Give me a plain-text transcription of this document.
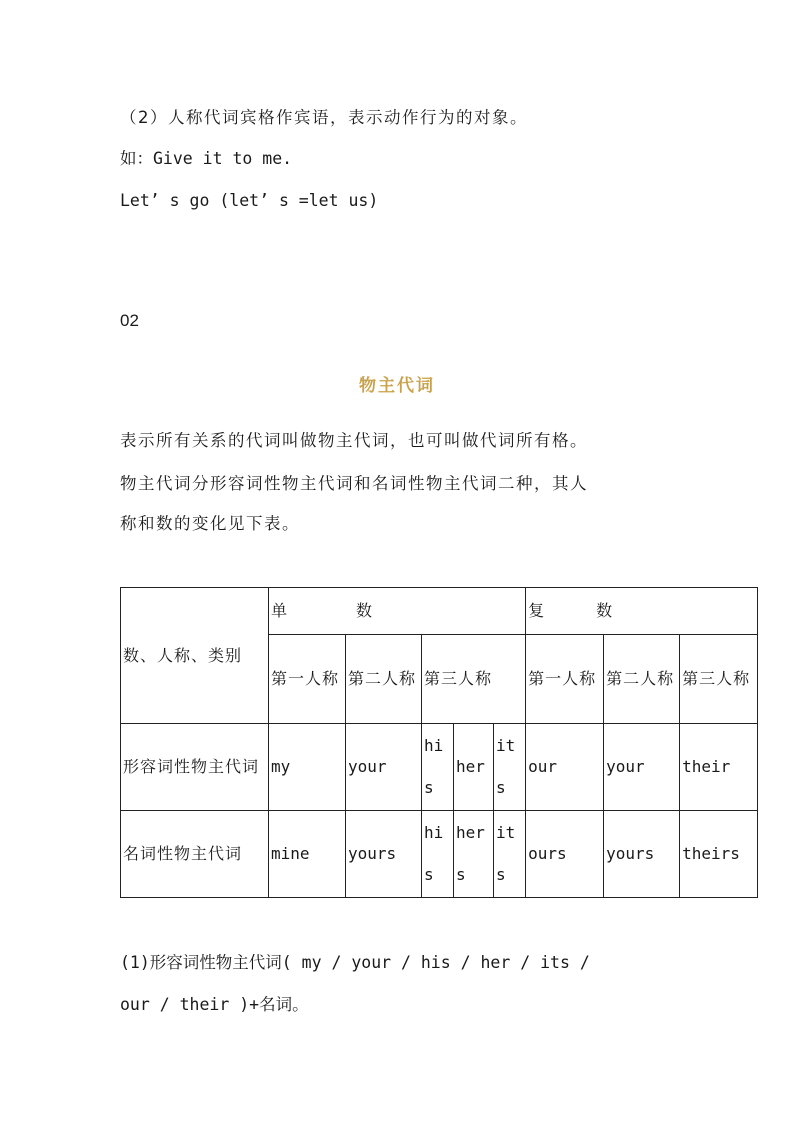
（2）人称代词宾格作宾语，表示动作行为的对象。
如：Give it to me.
Let’ s go (let’ s =let us)
02
物主代词
表示所有关系的代词叫做物主代词，也可叫做代词所有格。
物主代词分形容词性物主代词和名词性物主代词二种，其人
称和数的变化见下表。
数、人称、类别	单　　　　数					复　　　数		
	第一人称	第二人称	第三人称			第一人称	第二人称	第三人称
形容词性物主代词	my	your	his	her	its	our	your	their
名词性物主代词	mine	yours	his	hers	its	ours	yours	theirs
(1)形容词性物主代词( my / your / his / her / its /
our / their )+名词。
